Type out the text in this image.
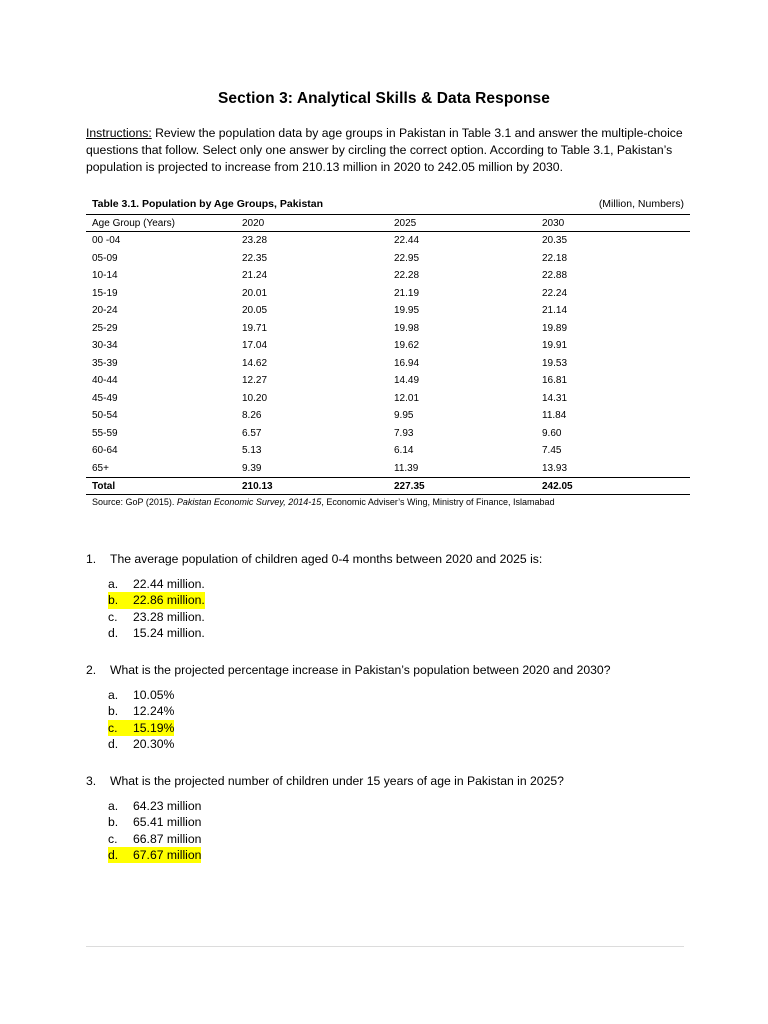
Section 3: Analytical Skills & Data Response
Instructions: Review the population data by age groups in Pakistan in Table 3.1 and answer the multiple-choice questions that follow. Select only one answer by circling the correct option. According to Table 3.1, Pakistan’s population is projected to increase from 210.13 million in 2020 to 242.05 million by 2030.
Table 3.1. Population by Age Groups, Pakistan	(Million, Numbers)
Age Group (Years)	2020	2025	2030
00 -04	23.28	22.44	20.35
05-09	22.35	22.95	22.18
10-14	21.24	22.28	22.88
15-19	20.01	21.19	22.24
20-24	20.05	19.95	21.14
25-29	19.71	19.98	19.89
30-34	17.04	19.62	19.91
35-39	14.62	16.94	19.53
40-44	12.27	14.49	16.81
45-49	10.20	12.01	14.31
50-54	8.26	9.95	11.84
55-59	6.57	7.93	9.60
60-64	5.13	6.14	7.45
65+	9.39	11.39	13.93
Total	210.13	227.35	242.05
Source: GoP (2015). Pakistan Economic Survey, 2014-15, Economic Adviser’s Wing, Ministry of Finance, Islamabad
1. The average population of children aged 0-4 months between 2020 and 2025 is:
a.	22.44 million.
b.	22.86 million.
c.	23.28 million.
d.	15.24 million.
2. What is the projected percentage increase in Pakistan’s population between 2020 and 2030?
a.	10.05%
b.	12.24%
c.	15.19%
d.	20.30%
3. What is the projected number of children under 15 years of age in Pakistan in 2025?
a.	64.23 million
b.	65.41 million
c.	66.87 million
d.	67.67 million
